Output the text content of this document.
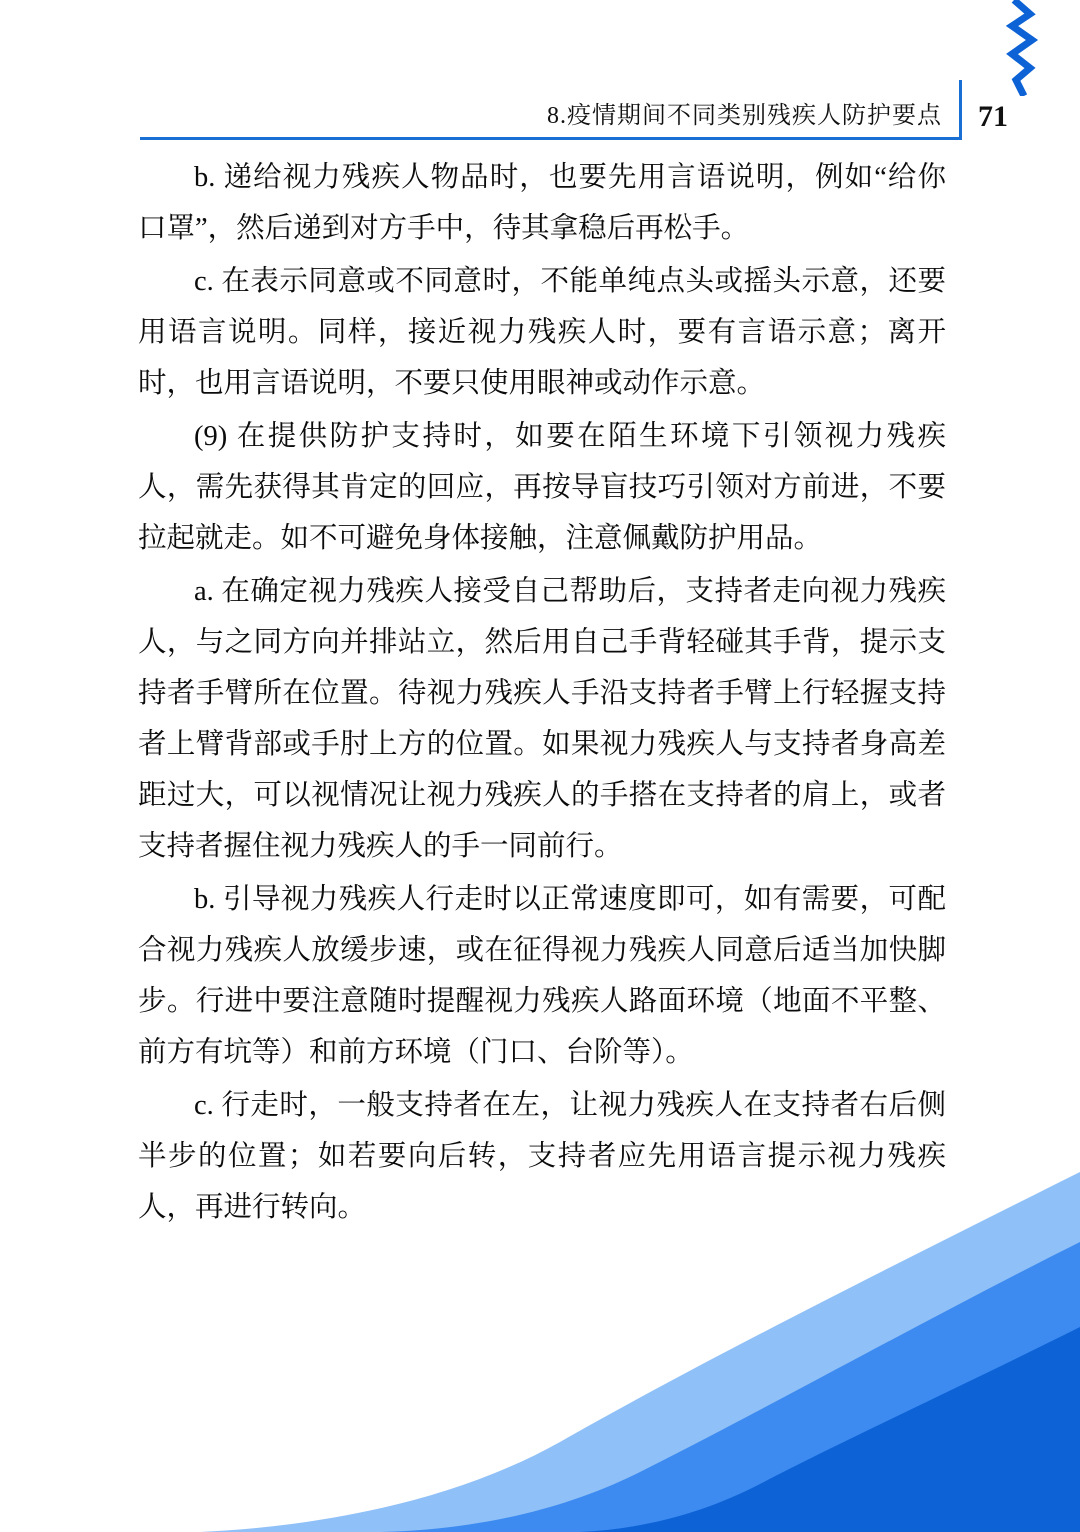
8.疫情期间不同类别残疾人防护要点	71

b. 递给视力残疾人物品时，也要先用言语说明，例如“给你口罩”，然后递到对方手中，待其拿稳后再松手。

c. 在表示同意或不同意时，不能单纯点头或摇头示意，还要用语言说明。同样，接近视力残疾人时，要有言语示意；离开时，也用言语说明，不要只使用眼神或动作示意。

(9) 在提供防护支持时，如要在陌生环境下引领视力残疾人，需先获得其肯定的回应，再按导盲技巧引领对方前进，不要拉起就走。如不可避免身体接触，注意佩戴防护用品。

a. 在确定视力残疾人接受自己帮助后，支持者走向视力残疾人，与之同方向并排站立，然后用自己手背轻碰其手背，提示支持者手臂所在位置。待视力残疾人手沿支持者手臂上行轻握支持者上臂背部或手肘上方的位置。如果视力残疾人与支持者身高差距过大，可以视情况让视力残疾人的手搭在支持者的肩上，或者支持者握住视力残疾人的手一同前行。

b. 引导视力残疾人行走时以正常速度即可，如有需要，可配合视力残疾人放缓步速，或在征得视力残疾人同意后适当加快脚步。行进中要注意随时提醒视力残疾人路面环境（地面不平整、前方有坑等）和前方环境（门口、台阶等）。

c. 行走时，一般支持者在左，让视力残疾人在支持者右后侧半步的位置；如若要向后转，支持者应先用语言提示视力残疾人，再进行转向。
